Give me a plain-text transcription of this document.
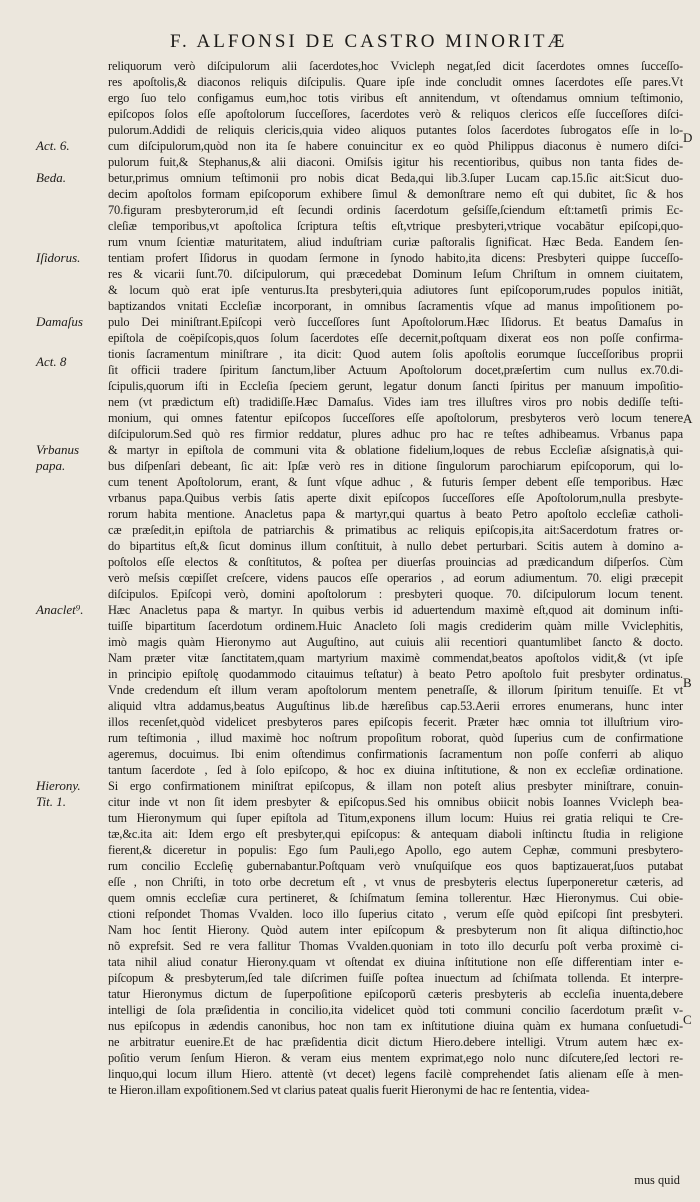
F. ALFONSI DE CASTRO MINORITÆ
reliquorum verò diſcipulorum alii ſacerdotes,hoc Vvicleph negat,ſed dicit ſacerdotes omnes ſucceſſo-
res apoſtolis,& diaconos reliquis diſcipulis. Quare ipſe inde concludit omnes ſacerdotes eſſe pares.Vt
ergo ſuo telo configamus eum,hoc totis viribus eſt annitendum, vt oſtendamus omnium teſtimonio,
epiſcopos ſolos eſſe apoſtolorum ſucceſſores, ſacerdotes verò & reliquos clericos eſſe ſucceſſores diſci-
pulorum.Addidi de reliquis clericis,quia video aliquos putantes ſolos ſacerdotes ſubrogatos eſſe in lo-
cum diſcipulorum,quòd non ita ſe habere conuincitur ex eo quòd Philippus diaconus è numero diſci-
pulorum fuit,& Stephanus,& alii diaconi. Omiſsis igitur his recentioribus, quibus non tanta fides de-
betur,primus omnium teſtimonii pro nobis dicat Beda,qui lib.3.ſuper Lucam cap.15.ſic ait:Sicut duo-
decim apoſtolos formam epiſcoporum exhibere ſimul & demonſtrare nemo eſt qui dubitet, ſic & hos
70.figuram presbyterorum,id eſt ſecundi ordinis ſacerdotum geſsiſſe,ſciendum eſt:tametſi primis Ec-
cleſiæ temporibus,vt apoſtolica ſcriptura teſtis eſt,vtrique presbyteri,vtrique vocabãtur epiſcopi,quo-
rum vnum ſcientiæ maturitatem, aliud induſtriam curiæ paſtoralis ſignificat. Hæc Beda. Eandem ſen-
tentiam profert Iſidorus in quodam ſermone in ſynodo habito,ita dicens: Presbyteri quippe ſucceſſo-
res & vicarii ſunt.70. diſcipulorum, qui præcedebat Dominum Ieſum Chriſtum in omnem ciuitatem,
& locum quò erat ipſe venturus.Ita presbyteri,quia adiutores ſunt epiſcoporum,rudes populos initiãt,
baptizandos vnitati Eccleſiæ incorporant, in omnibus ſacramentis vſque ad manus impoſitionem po-
pulo Dei miniſtrant.Epiſcopi verò ſucceſſores ſunt Apoſtolorum.Hæc Iſidorus. Et beatus Damaſus in
epiſtola de coëpiſcopis,quos ſolum ſacerdotes eſſe decernit,poſtquam dixerat eos non poſſe confirma-
tionis ſacramentum miniſtrare , ita dicit: Quod autem ſolis apoſtolis eorumque ſucceſſoribus proprii
ſit officii tradere ſpiritum ſanctum,liber Actuum Apoſtolorum docet,præſertim cum nullus ex.70.di-
ſcipulis,quorum iſti in Eccleſia ſpeciem gerunt, legatur donum ſancti ſpiritus per manuum impoſitio-
nem (vt prædictum eſt) tradidiſſe.Hæc Damaſus. Vides iam tres illuſtres viros pro nobis dediſſe teſti-
monium, qui omnes fatentur epiſcopos ſucceſſores eſſe apoſtolorum, presbyteros verò locum tenere
diſcipulorum.Sed quò res firmior reddatur, plures adhuc pro hac re teſtes adhibeamus. Vrbanus papa
& martyr in epiſtola de communi vita & oblatione fidelium,loques de rebus Eccleſiæ aſsignatis,à qui-
bus diſpenſari debeant, ſic ait: Ipſæ verò res in ditione ſingulorum parochiarum epiſcoporum, qui lo-
cum tenent Apoſtolorum, erant, & ſunt vſque adhuc , & futuris ſemper debent eſſe temporibus. Hæc
vrbanus papa.Quibus verbis ſatis aperte dixit epiſcopos ſucceſſores eſſe Apoſtolorum,nulla presbyte-
rorum habita mentione. Anacletus papa & martyr,qui quartus à beato Petro apoſtolo eccleſiæ catholi-
cæ præſedit,in epiſtola de patriarchis & primatibus ac reliquis epiſcopis,ita ait:Sacerdotum fratres or-
do bipartitus eſt,& ſicut dominus illum conſtituit, à nullo debet perturbari. Scitis autem à domino a-
poſtolos eſſe electos & conſtitutos, & poſtea per diuerſas prouincias ad prædicandum diſperſos. Cùm
verò meſsis cœpiſſet creſcere, videns paucos eſſe operarios , ad eorum adiumentum. 70. eligi præcepit
diſcipulos. Epiſcopi verò, domini apoſtolorum : presbyteri quoque. 70. diſcipulorum locum tenent.
Hæc Anacletus papa & martyr. In quibus verbis id aduertendum maximè eſt,quod ait dominum inſti-
tuiſſe bipartitum ſacerdotum ordinem.Huic Anacleto ſoli magis crediderim quàm mille Vviclephitis,
imò magis quàm Hieronymo aut Auguſtino, aut cuiuis alii recentiori quantumlibet ſancto & docto.
Nam præter vitæ ſanctitatem,quam martyrium maximè commendat,beatos apoſtolos vidit,& (vt ipſe
in principio epiſtolę quodammodo citauimus teſtatur) à beato Petro apoſtolo fuit presbyter ordinatus.
Vnde credendum eſt illum veram apoſtolorum mentem penetraſſe, & illorum ſpiritum tenuiſſe. Et vt
aliquid vltra addamus,beatus Auguſtinus lib.de hæreſibus cap.53.Aerii errores enumerans, hunc inter
illos recenſet,quòd videlicet presbyteros pares epiſcopis fecerit. Præter hæc omnia tot illuſtrium viro-
rum teſtimonia , illud maximè hoc noſtrum propoſitum roborat, quòd ſuperius cum de confirmatione
ageremus, docuimus. Ibi enim oſtendimus confirmationis ſacramentum non poſſe conferri ab aliquo
tantum ſacerdote , ſed à ſolo epiſcopo, & hoc ex diuina inſtitutione, & non ex eccleſiæ ordinatione.
Si ergo confirmationem miniſtrat epiſcopus, & illam non poteſt alius presbyter miniſtrare, conuin-
citur inde vt non ſit idem presbyter & epiſcopus.Sed his omnibus obiicit nobis Ioannes Vvicleph bea-
tum Hieronymum qui ſuper epiſtola ad Titum,exponens illum locum: Huius rei gratia reliqui te Cre-
tæ,&c.ita ait: Idem ergo eſt presbyter,qui epiſcopus: & antequam diaboli inſtinctu ſtudia in religione
fierent,& diceretur in populis: Ego ſum Pauli,ego Apollo, ego autem Cephæ, communi presbytero-
rum concilio Eccleſię gubernabantur.Poſtquam verò vnuſquiſque eos quos baptizauerat,ſuos putabat
eſſe , non Chriſti, in toto orbe decretum eſt , vt vnus de presbyteris electus ſuperponeretur cæteris, ad
quem omnis eccleſiæ cura pertineret, & ſchiſmatum ſemina tollerentur. Hæc Hieronymus. Cui obie-
ctioni reſpondet Thomas Vvalden. loco illo ſuperius citato , verum eſſe quòd epiſcopi ſint presbyteri.
Nam hoc ſentit Hierony. Quòd autem inter epiſcopum & presbyterum non ſit aliqua diſtinctio,hoc
nõ exprefsit. Sed re vera fallitur Thomas Vvalden.quoniam in toto illo decurſu poſt verba proximè ci-
tata nihil aliud conatur Hierony.quam vt oſtendat ex diuina inſtitutione non eſſe differentiam inter e-
piſcopum & presbyterum,ſed tale diſcrimen fuiſſe poſtea inuectum ad ſchiſmata tollenda. Et interpre-
tatur Hieronymus dictum de ſuperpoſitione epiſcoporũ cæteris presbyteris ab eccleſia inuenta,debere
intelligi de ſola præſidentia in concilio,ita videlicet quòd toti communi concilio ſacerdotum præſit v-
nus epiſcopus in ædendis canonibus, hoc non tam ex inſtitutione diuina quàm ex humana conſuetudi-
ne arbitratur euenire.Et de hac præſidentia dicit dictum Hiero.debere intelligi. Vtrum autem hæc ex-
poſitio verum ſenſum Hieron. & veram eius mentem exprimat,ego nolo nunc diſcutere,ſed lectori re-
linquo,qui locum illum Hiero. attentè (vt decet) legens facilè comprehendet ſatis alienam eſſe à men-
te Hieron.illam expoſitionem.Sed vt clarius pateat qualis fuerit Hieronymi de hac re ſententia, videa-
Act. 6.
Beda.
Iſidorus.
Damaſus
Act. 8
Vrbanus
papa.
Anaclet⁹.
Hierony.
Tit. 1.
D
A
B
C
mus quid
